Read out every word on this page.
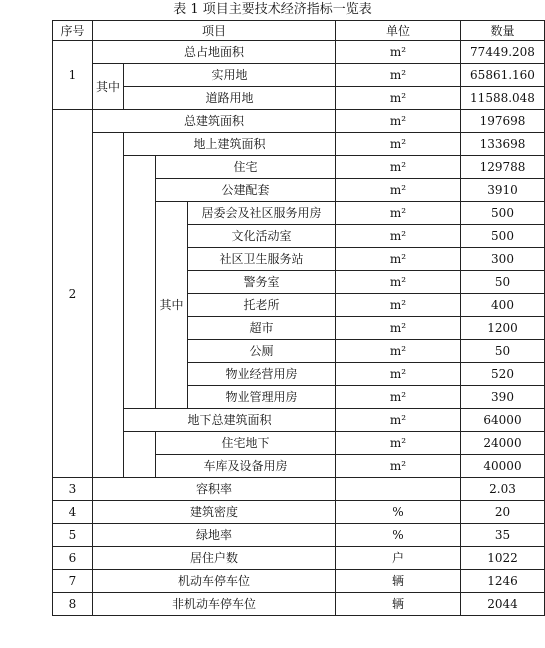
表 1 项目主要技术经济指标一览表
序号	项目				单位	数量
1	总占地面积				m²	77449.208
	其中	实用地			m²	65861.160
		道路用地			m²	11588.048
2	总建筑面积				m²	197698
		地上建筑面积			m²	133698
			住宅		m²	129788
			公建配套		m²	3910
			其中	居委会及社区服务用房	m²	500
				文化活动室	m²	500
				社区卫生服务站	m²	300
				警务室	m²	50
				托老所	m²	400
				超市	m²	1200
				公厕	m²	50
				物业经营用房	m²	520
				物业管理用房	m²	390
		地下总建筑面积			m²	64000
			住宅地下		m²	24000
			车库及设备用房		m²	40000
3	容积率					2.03
4	建筑密度				%	20
5	绿地率				%	35
6	居住户数				户	1022
7	机动车停车位				辆	1246
8	非机动车停车位				辆	2044
